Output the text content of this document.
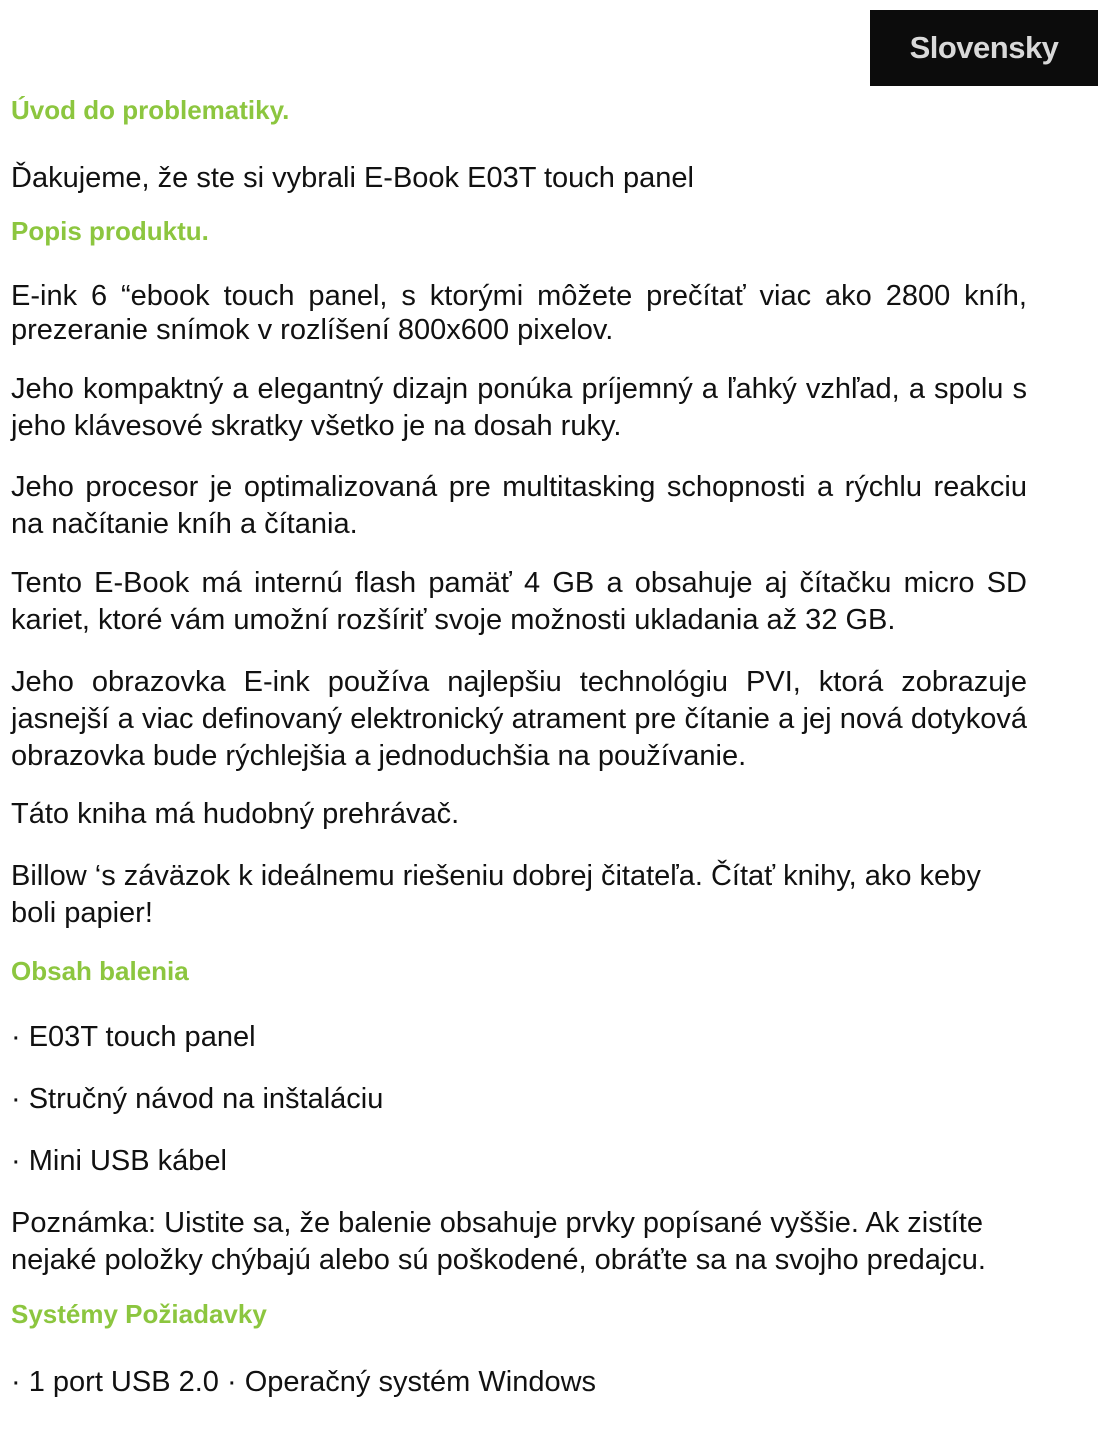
Slovensky
Úvod do problematiky.

Ďakujeme, že ste si vybrali E-Book E03T touch panel

Popis produktu.

E-ink 6 “ebook touch panel, s ktorými môžete prečítať viac ako 2800 kníh, prezeranie snímok v rozlíšení 800x600 pixelov.

Jeho kompaktný a elegantný dizajn ponúka príjemný a ľahký vzhľad, a spolu s jeho klávesové skratky všetko je na dosah ruky.

Jeho procesor je optimalizovaná pre multitasking schopnosti a rýchlu reakciu na načítanie kníh a čítania.

Tento E-Book má internú flash pamäť 4 GB a obsahuje aj čítačku micro SD kariet, ktoré vám umožní rozšíriť svoje možnosti ukladania až 32 GB.

Jeho obrazovka E-ink používa najlepšiu technológiu PVI, ktorá zobrazuje jasnejší a viac definovaný elektronický atrament pre čítanie a jej nová dotyková obrazovka bude rýchlejšia a jednoduchšia na používanie.

Táto kniha má hudobný prehrávač.

Billow ‘s záväzok k ideálnemu riešeniu dobrej čitateľa. Čítať knihy, ako keby boli papier!

Obsah balenia

· E03T touch panel

· Stručný návod na inštaláciu

· Mini USB kábel

Poznámka: Uistite sa, že balenie obsahuje prvky popísané vyššie. Ak zistíte nejaké položky chýbajú alebo sú poškodené, obráťte sa na svojho predajcu.

Systémy Požiadavky

· 1 port USB 2.0 · Operačný systém Windows
